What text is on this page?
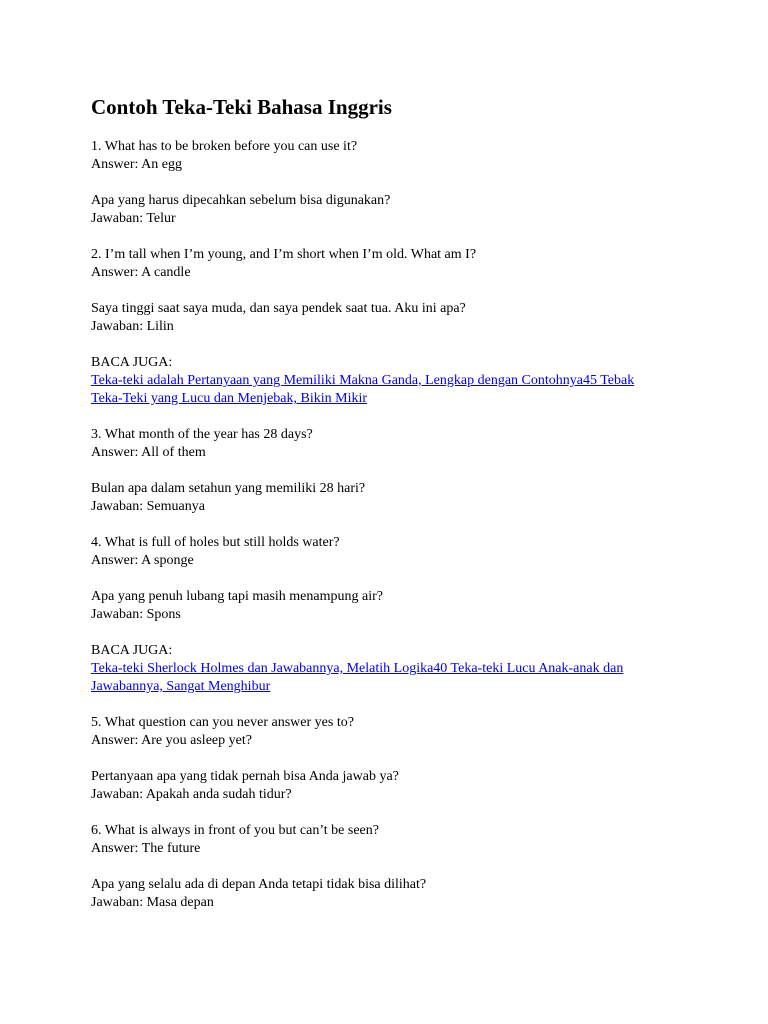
Contoh Teka-Teki Bahasa Inggris
1. What has to be broken before you can use it?
Answer: An egg
Apa yang harus dipecahkan sebelum bisa digunakan?
Jawaban: Telur
2. I’m tall when I’m young, and I’m short when I’m old. What am I?
Answer: A candle
Saya tinggi saat saya muda, dan saya pendek saat tua. Aku ini apa?
Jawaban: Lilin
BACA JUGA:
Teka-teki adalah Pertanyaan yang Memiliki Makna Ganda, Lengkap dengan Contohnya45 Tebak
Teka-Teki yang Lucu dan Menjebak, Bikin Mikir
3. What month of the year has 28 days?
Answer: All of them
Bulan apa dalam setahun yang memiliki 28 hari?
Jawaban: Semuanya
4. What is full of holes but still holds water?
Answer: A sponge
Apa yang penuh lubang tapi masih menampung air?
Jawaban: Spons
BACA JUGA:
Teka-teki Sherlock Holmes dan Jawabannya, Melatih Logika40 Teka-teki Lucu Anak-anak dan
Jawabannya, Sangat Menghibur
5. What question can you never answer yes to?
Answer: Are you asleep yet?
Pertanyaan apa yang tidak pernah bisa Anda jawab ya?
Jawaban: Apakah anda sudah tidur?
6. What is always in front of you but can’t be seen?
Answer: The future
Apa yang selalu ada di depan Anda tetapi tidak bisa dilihat?
Jawaban: Masa depan
